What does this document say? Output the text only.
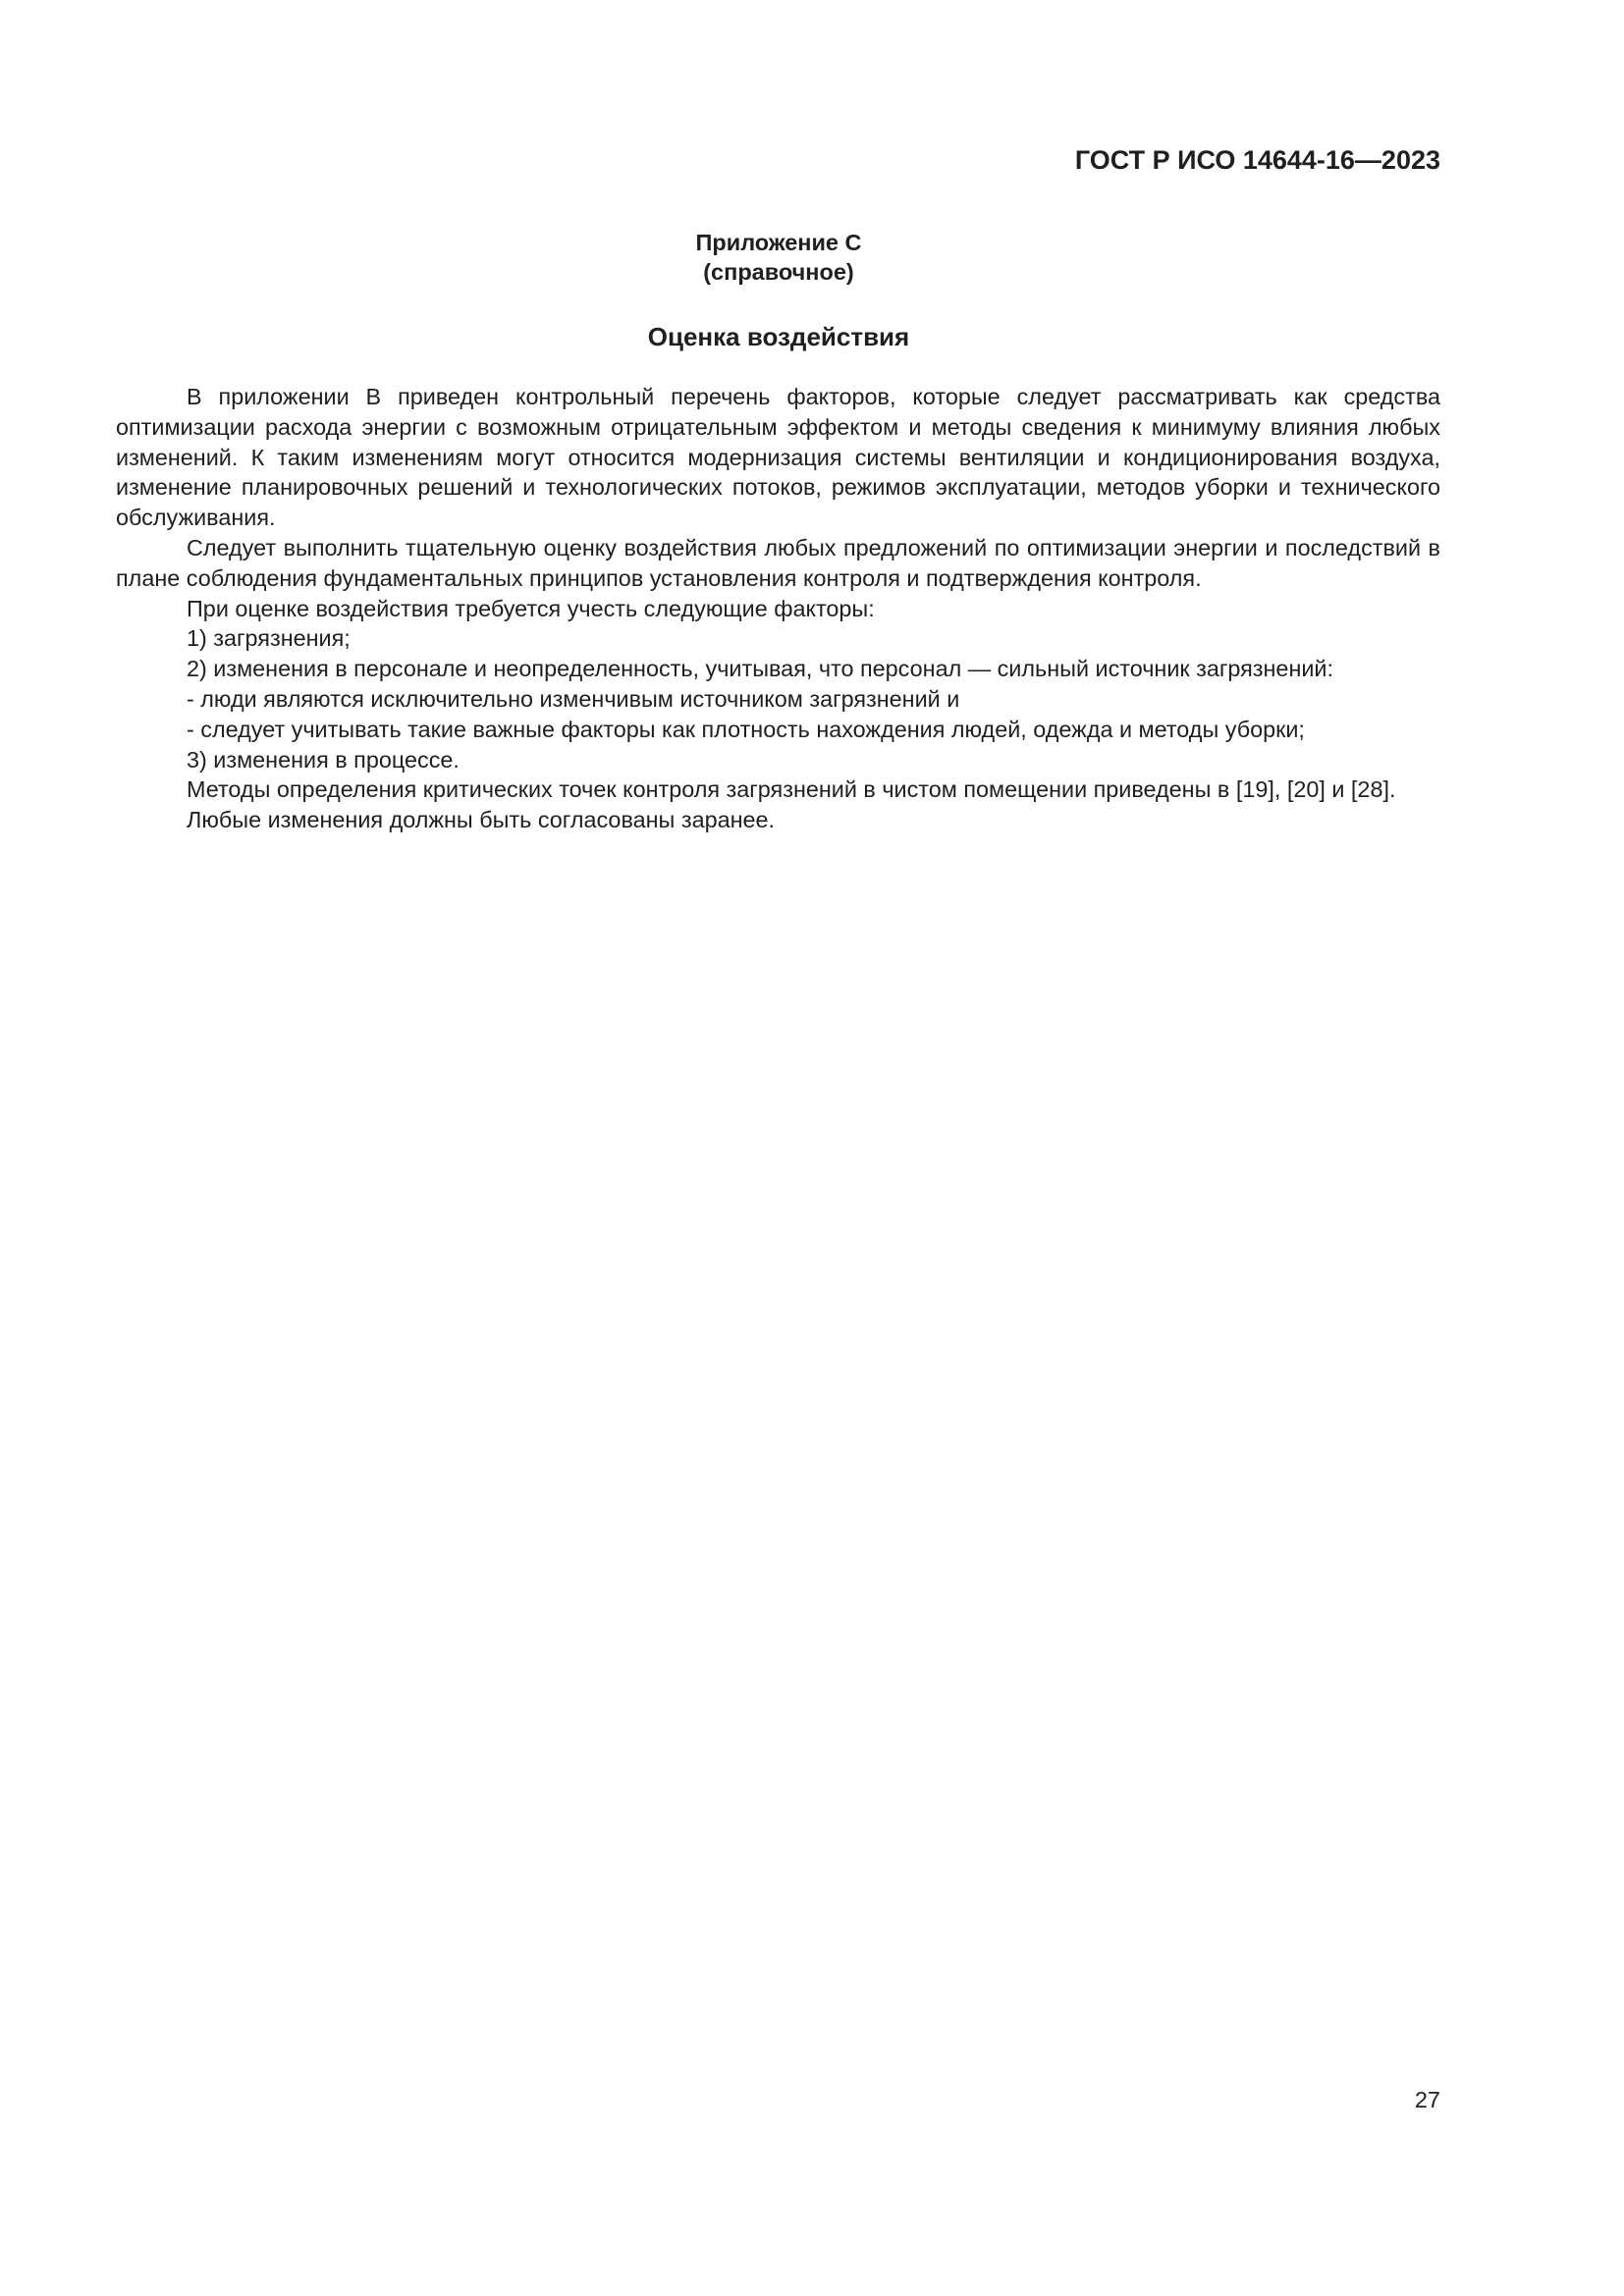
ГОСТ Р ИСО 14644-16—2023
Приложение С
(справочное)
Оценка воздействия

В приложении В приведен контрольный перечень факторов, которые следует рассматривать как средства оптимизации расхода энергии с возможным отрицательным эффектом и методы сведения к минимуму влияния любых изменений. К таким изменениям могут относится модернизация системы вентиляции и кондиционирования воздуха, изменение планировочных решений и технологических потоков, режимов эксплуатации, методов уборки и технического обслуживания.

Следует выполнить тщательную оценку воздействия любых предложений по оптимизации энергии и последствий в плане соблюдения фундаментальных принципов установления контроля и подтверждения контроля.

При оценке воздействия требуется учесть следующие факторы:

1) загрязнения;
2) изменения в персонале и неопределенность, учитывая, что персонал — сильный источник загрязнений:
- люди являются исключительно изменчивым источником загрязнений и
- следует учитывать такие важные факторы как плотность нахождения людей, одежда и методы уборки;
3) изменения в процессе.

Методы определения критических точек контроля загрязнений в чистом помещении приведены в [19], [20] и [28].

Любые изменения должны быть согласованы заранее.

27
